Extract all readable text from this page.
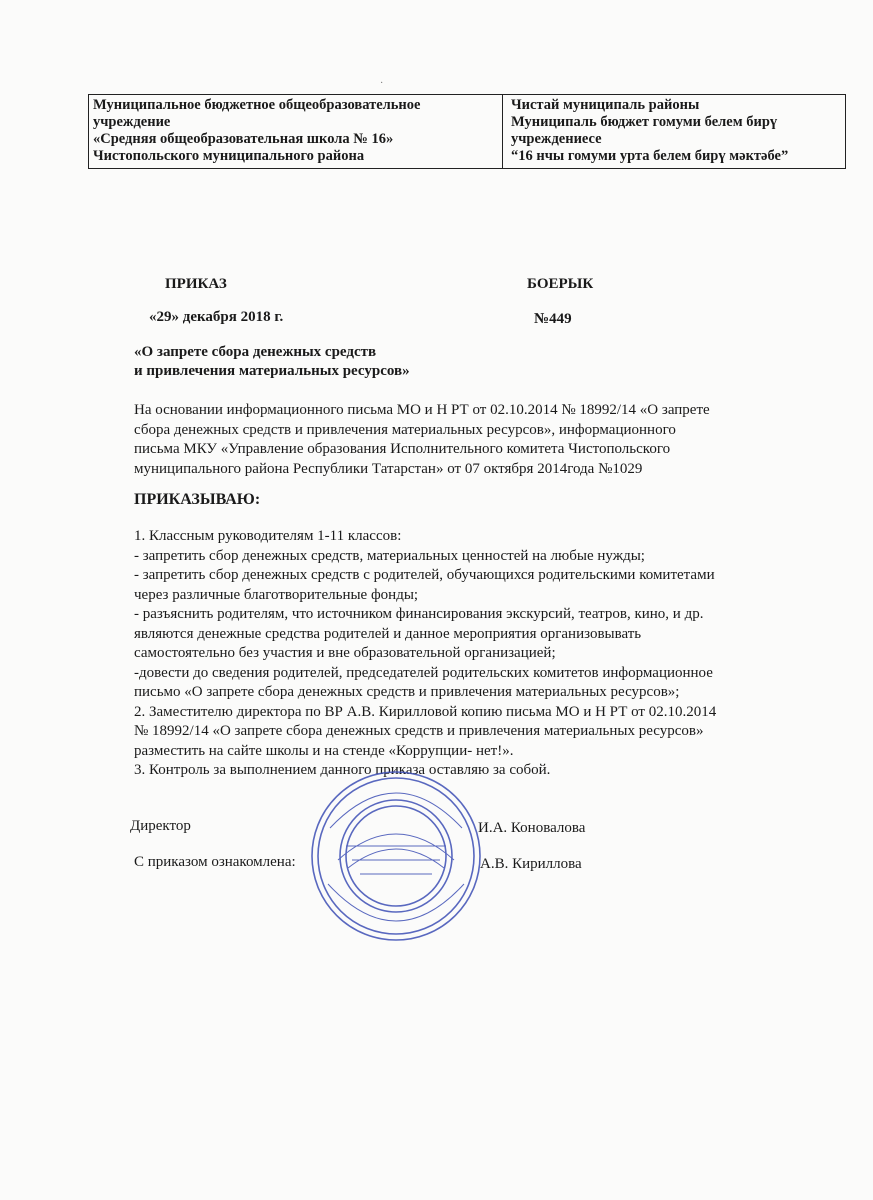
·
Муниципальное бюджетное общеобразовательное
учреждение
«Средняя общеобразовательная школа № 16»
Чистопольского муниципального района

Чистай муниципаль районы
Муниципаль бюджет гомуми белем бирү
учреждениесе
“16 нчы гомуми урта белем бирү мәктәбе”
ПРИКАЗ	БОЕРЫК
«29» декабря 2018 г.	№449
«О запрете сбора денежных средств
и привлечения материальных ресурсов»
На основании информационного письма МО и Н РТ от 02.10.2014 № 18992/14 «О запрете
сбора денежных средств и привлечения материальных ресурсов», информационного
письма МКУ «Управление образования Исполнительного комитета Чистопольского
муниципального района Республики Татарстан» от 07 октября 2014года №1029
ПРИКАЗЫВАЮ:
1. Классным руководителям 1-11 классов:
- запретить сбор денежных средств, материальных ценностей на любые нужды;
- запретить сбор денежных средств с родителей, обучающихся родительскими комитетами
через различные благотворительные фонды;
- разъяснить родителям, что источником финансирования экскурсий, театров, кино, и др.
являются денежные средства родителей и данное мероприятия организовывать
самостоятельно без участия и вне образовательной организацией;
-довести до сведения родителей, председателей родительских комитетов информационное
письмо «О запрете сбора денежных средств и привлечения материальных ресурсов»;
2. Заместителю директора по ВР А.В. Кирилловой копию письма МО и Н РТ от 02.10.2014
№ 18992/14 «О запрете сбора денежных средств и привлечения материальных ресурсов»
разместить на сайте школы и на стенде «Коррупции- нет!».
3. Контроль за выполнением данного приказа оставляю за собой.
Директор	И.А. Коновалова
С приказом ознакомлена:	А.В. Кириллова
